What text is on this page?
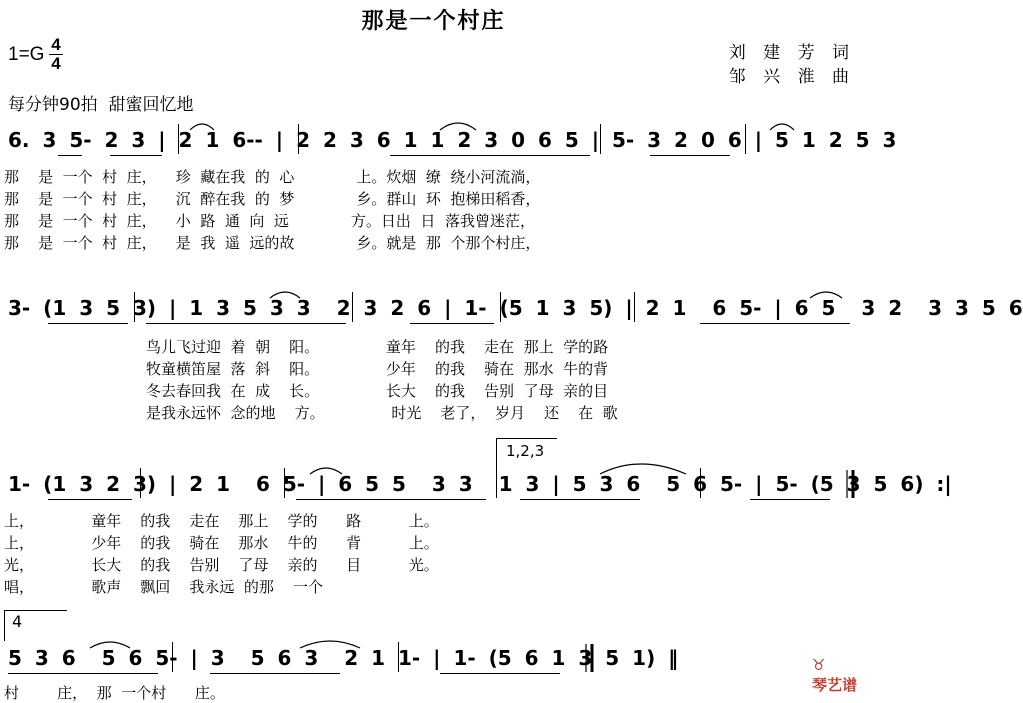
那是一个村庄
1=G 4
4
刘 建 芳 词
邹 兴 淮 曲
每分钟90拍  甜蜜回忆地
6. 3 5- 2 3 | 2 1 6-- | 2 2 3 6 1 1 2 3 0 6 5 | 5- 3 2 0 6 | 5 1 2 5 3
那    是  一个  村  庄，    珍  藏在我  的  心             上。炊烟  缭  绕小河流淌，
那    是  一个  村  庄，    沉  醉在我  的  梦             乡。群山  环  抱梯田稻香，
那    是  一个  村  庄，    小  路  通  向  远             方。日出  日  落我曾迷茫，
那    是  一个  村  庄，    是  我  遥  远的故             乡。就是  那  个那个村庄，
3- (1 3 5 3) | 1 3 5 3 3  2 3 2 6 | 1- (5 1 3 5) | 2 1  6 5- | 6 5  3 2  3 3 5 6
鸟儿飞过迎  着  朝    阳。              童年    的我    走在  那上  学的路
牧童横笛屋  落  斜    阳。              少年    的我    骑在  那水  牛的背
冬去春回我  在  成    长。              长大    的我    告别  了母  亲的目
是我永远怀  念的地    方。              时光    老了，  岁月    还    在  歌
1,2,3
1- (1 3 2 3) | 2 1  6 5- | 6 5 5  3 3  1 3 | 5 3 6  5 6 5- | 5- (5 3 5 6) :|
上，            童年    的我    走在    那上    学的      路          上。
上，            少年    的我    骑在    那水    牛的      背          上。
光，            长大    的我    告别    了母    亲的      目          光。
唱，            歌声    飘回    我永远  的那    一个
4
5 3 6  5 6 5- | 3  5 6 3  2 1 1- | 1- (5 6 1 3 5 1) ‖
村        庄，  那  一个村      庄。

♉
琴艺谱
